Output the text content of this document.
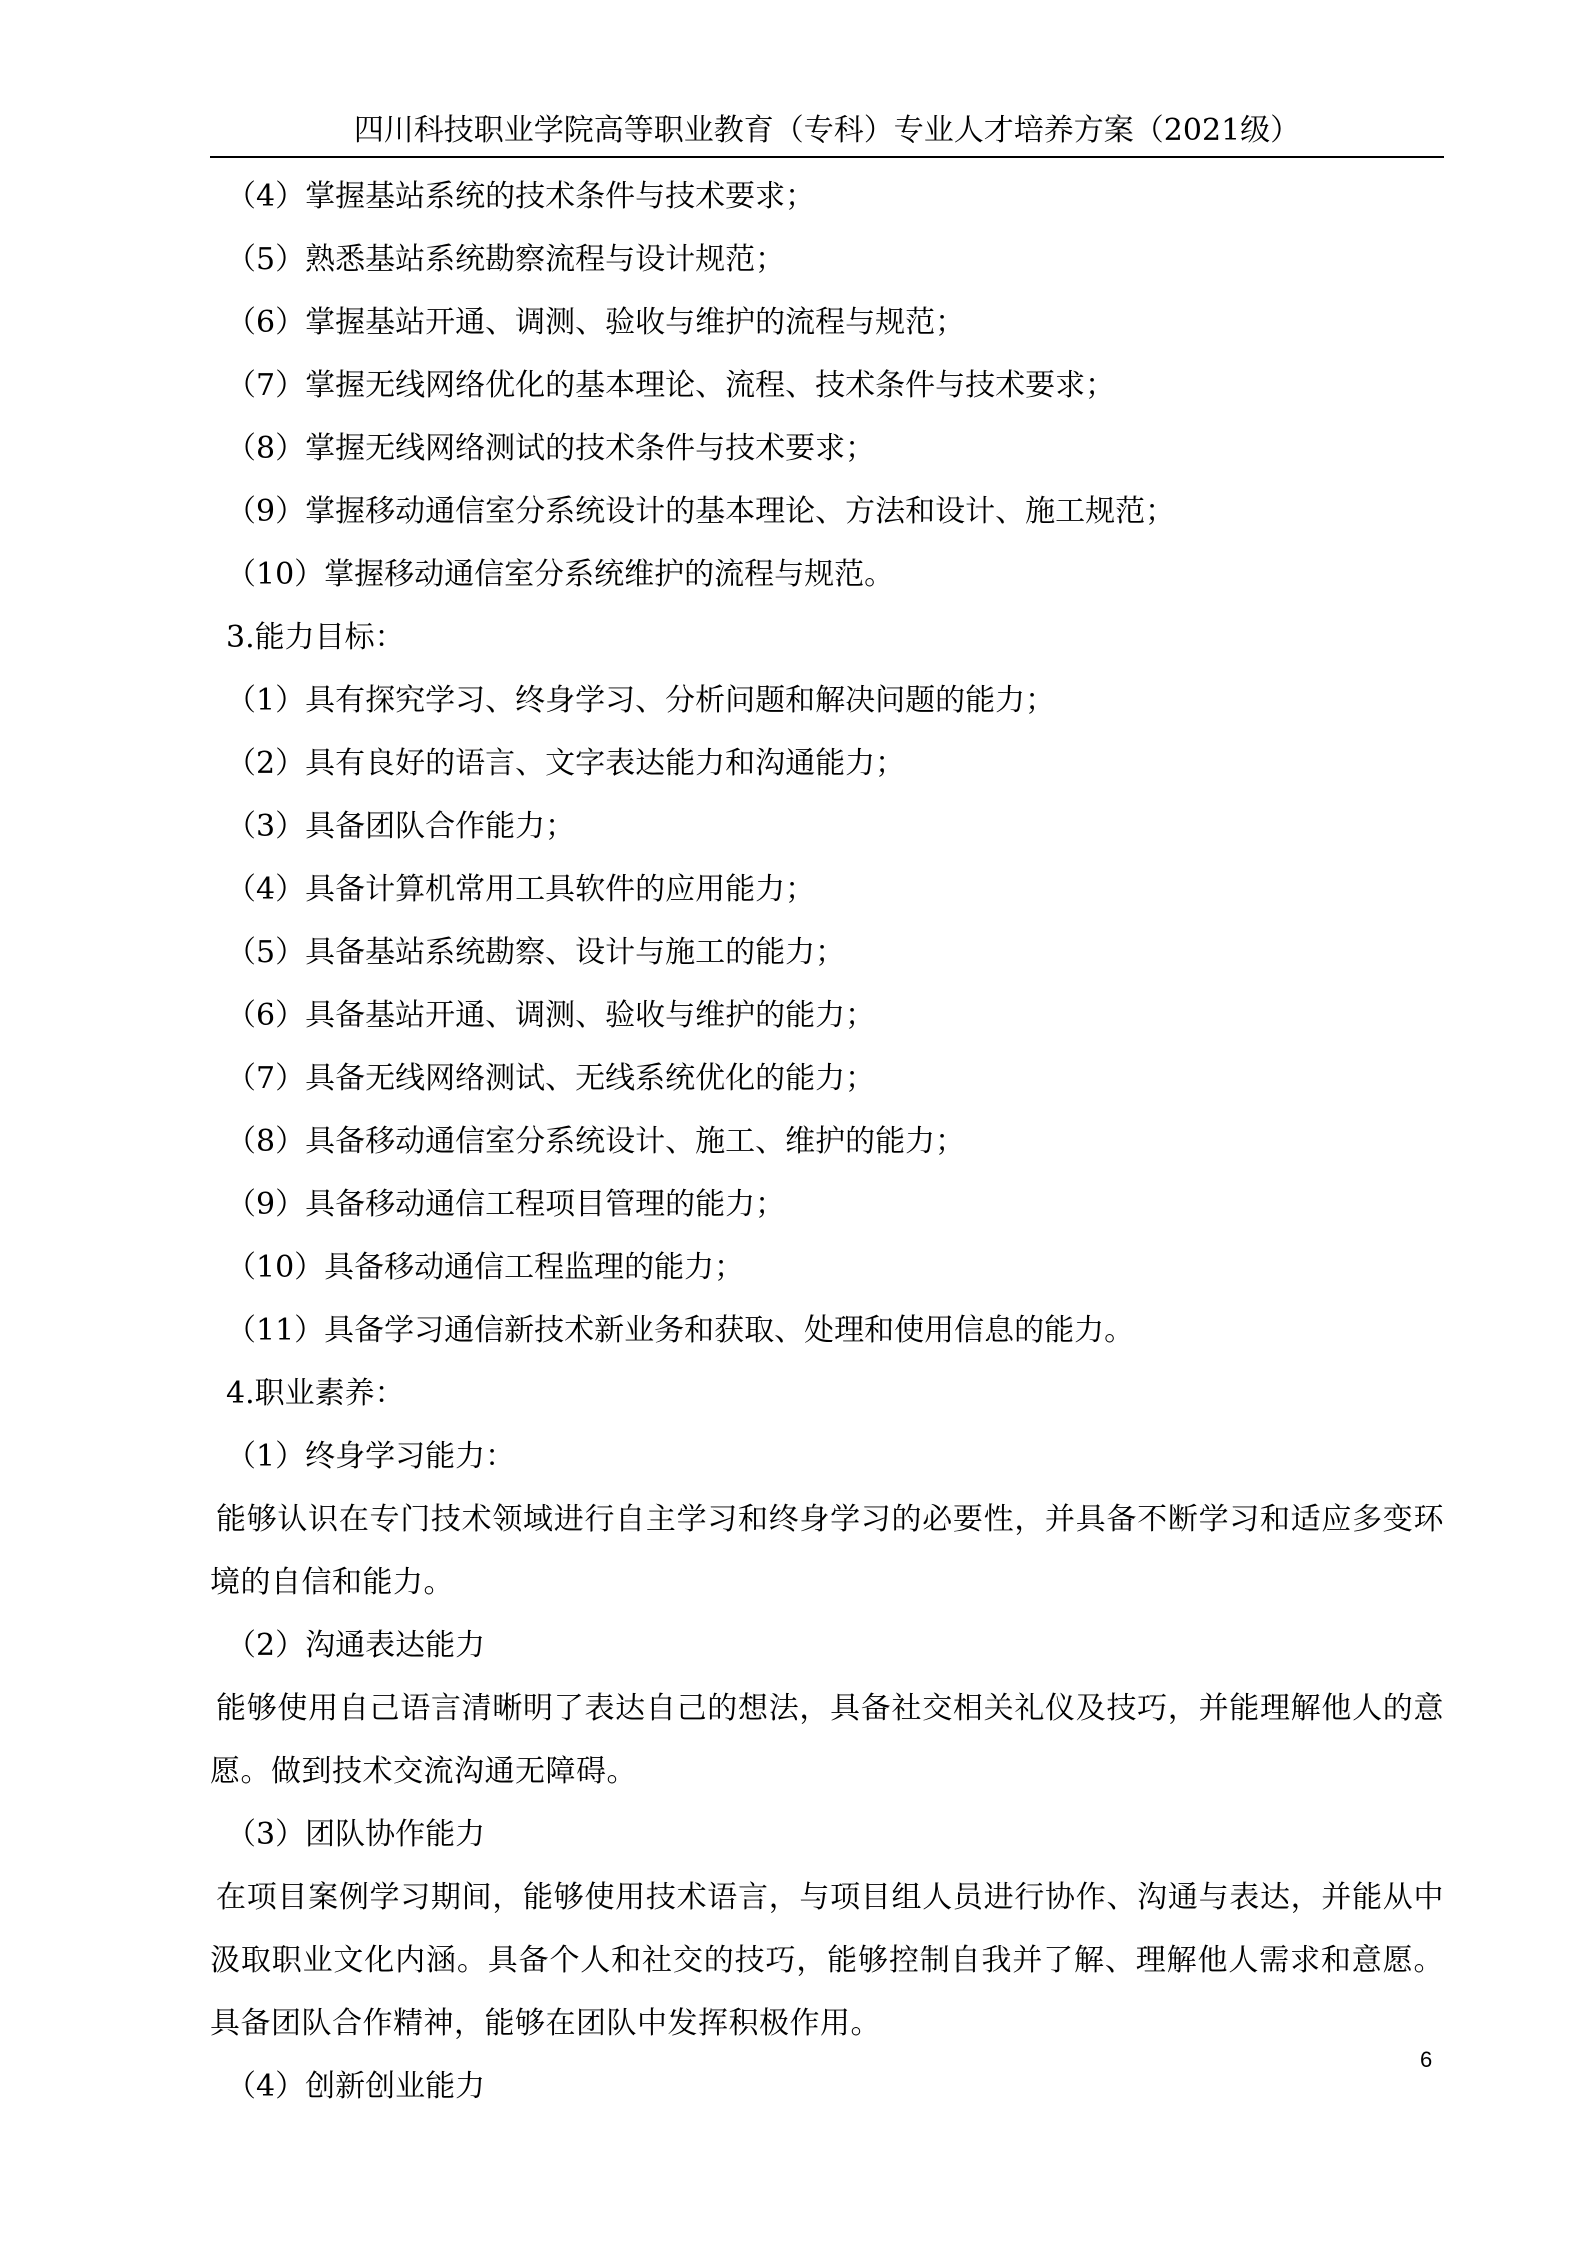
四川科技职业学院高等职业教育（专科）专业人才培养方案（2021级）

（4）掌握基站系统的技术条件与技术要求；

（5）熟悉基站系统勘察流程与设计规范；

（6）掌握基站开通、调测、验收与维护的流程与规范；

（7）掌握无线网络优化的基本理论、流程、技术条件与技术要求；

（8）掌握无线网络测试的技术条件与技术要求；

（9）掌握移动通信室分系统设计的基本理论、方法和设计、施工规范；

（10）掌握移动通信室分系统维护的流程与规范。

3.能力目标：

（1）具有探究学习、终身学习、分析问题和解决问题的能力；

（2）具有良好的语言、文字表达能力和沟通能力；

（3）具备团队合作能力；

（4）具备计算机常用工具软件的应用能力；

（5）具备基站系统勘察、设计与施工的能力；

（6）具备基站开通、调测、验收与维护的能力；

（7）具备无线网络测试、无线系统优化的能力；

（8）具备移动通信室分系统设计、施工、维护的能力；

（9）具备移动通信工程项目管理的能力；

（10）具备移动通信工程监理的能力；

（11）具备学习通信新技术新业务和获取、处理和使用信息的能力。

4.职业素养：

（1）终身学习能力：

能够认识在专门技术领域进行自主学习和终身学习的必要性，并具备不断学习和适应多变环境的自信和能力。

（2）沟通表达能力

能够使用自己语言清晰明了表达自己的想法，具备社交相关礼仪及技巧，并能理解他人的意愿。做到技术交流沟通无障碍。

（3）团队协作能力

在项目案例学习期间，能够使用技术语言，与项目组人员进行协作、沟通与表达，并能从中汲取职业文化内涵。具备个人和社交的技巧，能够控制自我并了解、理解他人需求和意愿。具备团队合作精神，能够在团队中发挥积极作用。

（4）创新创业能力

6
